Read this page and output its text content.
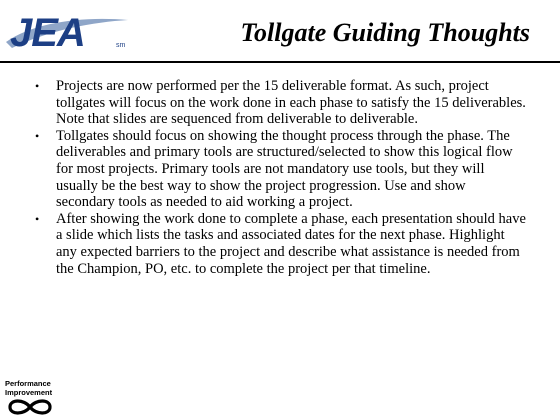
JEA	sm	Tollgate Guiding Thoughts
• Projects are now performed per the 15 deliverable format. As such, project tollgates will focus on the work done in each phase to satisfy the 15 deliverables. Note that slides are sequenced from deliverable to deliverable.
• Tollgates should focus on showing the thought process through the phase. The deliverables and primary tools are structured/selected to show this logical flow for most projects. Primary tools are not mandatory use tools, but they will usually be the best way to show the project progression. Use and show secondary tools as needed to aid working a project.
• After showing the work done to complete a phase, each presentation should have a slide which lists the tasks and associated dates for the next phase. Highlight any expected barriers to the project and describe what assistance is needed from the Champion, PO, etc. to complete the project per that timeline.
Performance
Improvement
